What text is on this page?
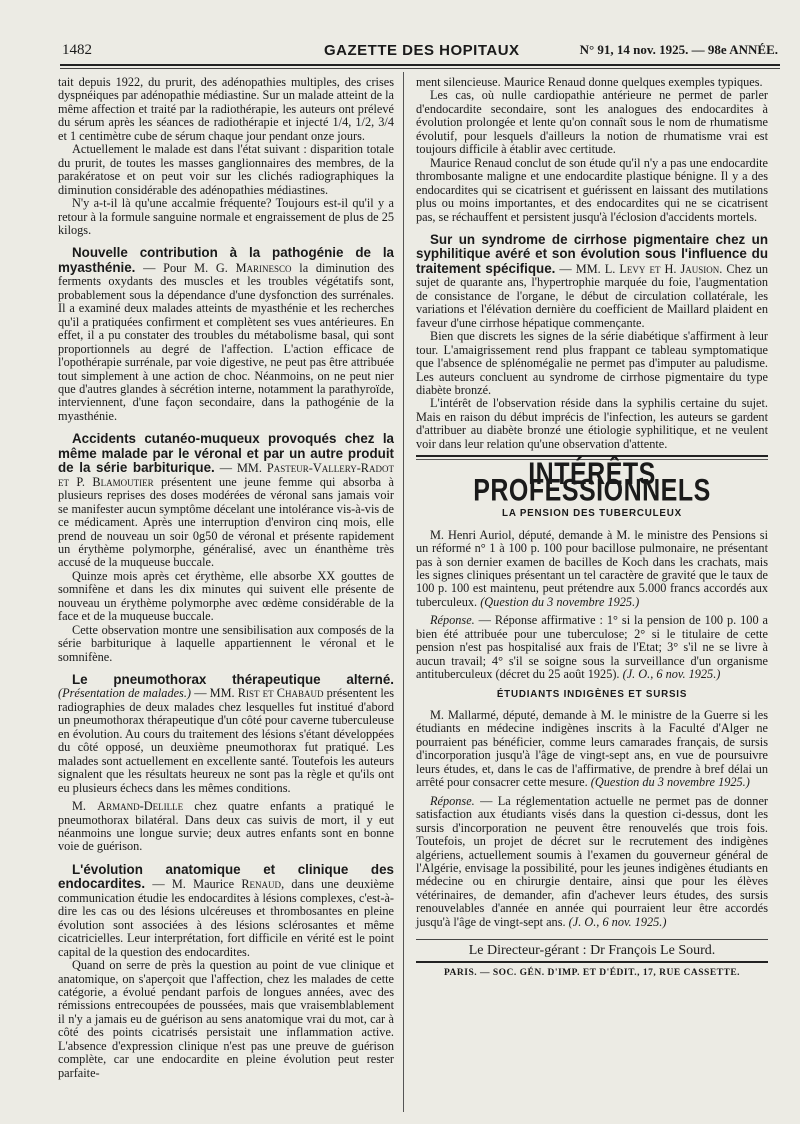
1482	GAZETTE DES HOPITAUX	N° 91, 14 nov. 1925. — 98e ANNÉE.

tait depuis 1922, du prurit, des adénopathies multiples, des crises dyspnéiques par adénopathie médiastine. Sur un malade atteint de la même affection et traité par la radiothérapie, les auteurs ont prélevé du sérum après les séances de radiothérapie et injecté 1/4, 1/2, 3/4 et 1 centimètre cube de sérum chaque jour pendant onze jours.

Actuellement le malade est dans l'état suivant : disparition totale du prurit, de toutes les masses ganglionnaires des membres, de la parakératose et on peut voir sur les clichés radiographiques la diminution considérable des adénopathies médiastines.

N'y a-t-il là qu'une accalmie fréquente? Toujours est-il qu'il y a retour à la formule sanguine normale et engraissement de plus de 25 kilogs.

Nouvelle contribution à la pathogénie de la myasthénie. — Pour M. G. Marinesco la diminution des ferments oxydants des muscles et les troubles végétatifs sont, probablement sous la dépendance d'une dysfonction des surrénales. Il a examiné deux malades atteints de myasthénie et les recherches qu'il a pratiquées confirment et complètent ses vues antérieures. En effet, il a pu constater des troubles du métabolisme basal, qui sont proportionnels au degré de l'affection. L'action efficace de l'opothérapie surrénale, par voie digestive, ne peut pas être attribuée tout simplement à une action de choc. Néanmoins, on ne peut nier que d'autres glandes à sécrétion interne, notamment la parathyroïde, interviennent, d'une façon secondaire, dans la pathogénie de la myasthénie.

Accidents cutanéo-muqueux provoqués chez la même malade par le véronal et par un autre produit de la série barbiturique. — MM. Pasteur-Vallery-Radot et P. Blamoutier présentent une jeune femme qui absorba à plusieurs reprises des doses modérées de véronal sans jamais voir se manifester aucun symptôme décelant une intolérance vis-à-vis de ce médicament. Après une interruption d'environ cinq mois, elle prend de nouveau un soir 0g50 de véronal et présente rapidement un érythème polymorphe, généralisé, avec un énanthème très accusé de la muqueuse buccale.

Quinze mois après cet érythème, elle absorbe XX gouttes de somnifène et dans les dix minutes qui suivent elle présente de nouveau un érythème polymorphe avec œdème considérable de la face et de la muqueuse buccale.

Cette observation montre une sensibilisation aux composés de la série barbiturique à laquelle appartiennent le véronal et le somnifène.

Le pneumothorax thérapeutique alterné. (Présentation de malades.) — MM. Rist et Chabaud présentent les radiographies de deux malades chez lesquelles fut institué d'abord un pneumothorax thérapeutique d'un côté pour caverne tuberculeuse en évolution. Au cours du traitement des lésions s'étant développées du côté opposé, un deuxième pneumothorax fut pratiqué. Les malades sont actuellement en excellente santé. Toutefois les auteurs signalent que les résultats heureux ne sont pas la règle et qu'ils ont eu plusieurs échecs dans les mêmes conditions.

M. Armand-Delille chez quatre enfants a pratiqué le pneumothorax bilatéral. Dans deux cas suivis de mort, il y eut néanmoins une longue survie; deux autres enfants sont en bonne voie de guérison.

L'évolution anatomique et clinique des endocardites. — M. Maurice Renaud, dans une deuxième communication étudie les endocardites à lésions complexes, c'est-à-dire les cas ou des lésions ulcéreuses et thrombosantes en pleine évolution sont associées à des lésions sclérosantes et même cicatricielles. Leur interprétation, fort difficile en vérité est le point capital de la question des endocardites.

Quand on serre de près la question au point de vue clinique et anatomique, on s'aperçoit que l'affection, chez les malades de cette catégorie, a évolué pendant parfois de longues années, avec des rémissions entrecoupées de poussées, mais que vraisemblablement il n'y a jamais eu de guérison au sens anatomique vrai du mot, car à côté des points cicatrisés persistait une inflammation active. L'absence d'expression clinique n'est pas une preuve de guérison complète, car une endocardite en pleine évolution peut rester parfaite-

ment silencieuse. Maurice Renaud donne quelques exemples typiques.

Les cas, où nulle cardiopathie antérieure ne permet de parler d'endocardite secondaire, sont les analogues des endocardites à évolution prolongée et lente qu'on connaît sous le nom de rhumatisme évolutif, pour lesquels d'ailleurs la notion de rhumatisme vrai est toujours difficile à établir avec certitude.

Maurice Renaud conclut de son étude qu'il n'y a pas une endocardite thrombosante maligne et une endocardite plastique bénigne. Il y a des endocardites qui se cicatrisent et guérissent en laissant des mutilations plus ou moins importantes, et des endocardites qui ne se cicatrisent pas, se réchauffent et persistent jusqu'à l'éclosion d'accidents mortels.

Sur un syndrome de cirrhose pigmentaire chez un syphilitique avéré et son évolution sous l'influence du traitement spécifique. — MM. L. Levy et H. Jausion. Chez un sujet de quarante ans, l'hypertrophie marquée du foie, l'augmentation de consistance de l'organe, le début de circulation collatérale, les variations et l'élévation dernière du coefficient de Maillard plaident en faveur d'une cirrhose hépatique commençante.

Bien que discrets les signes de la série diabétique s'affirment à leur tour. L'amaigrissement rend plus frappant ce tableau symptomatique que l'absence de splénomégalie ne permet pas d'imputer au paludisme. Les auteurs concluent au syndrome de cirrhose pigmentaire du type diabète bronzé.

L'intérêt de l'observation réside dans la syphilis certaine du sujet. Mais en raison du début imprécis de l'infection, les auteurs se gardent d'attribuer au diabète bronzé une étiologie syphilitique, et ne veulent voir dans leur relation qu'une observation d'attente.

INTÉRÊTS PROFESSIONNELS
LA PENSION DES TUBERCULEUX

M. Henri Auriol, député, demande à M. le ministre des Pensions si un réformé n° 1 à 100 p. 100 pour bacillose pulmonaire, ne présentant pas à son dernier examen de bacilles de Koch dans les crachats, mais les signes cliniques présentant un tel caractère de gravité que le taux de 100 p. 100 est maintenu, peut prétendre aux 5.000 francs accordés aux tuberculeux. (Question du 3 novembre 1925.)

Réponse. — Réponse affirmative : 1° si la pension de 100 p. 100 a bien été attribuée pour une tuberculose; 2° si le titulaire de cette pension n'est pas hospitalisé aux frais de l'Etat; 3° s'il ne se livre à aucun travail; 4° s'il se soigne sous la surveillance d'un organisme antituberculeux (décret du 25 août 1925). (J. O., 6 nov. 1925.)

ÉTUDIANTS INDIGÈNES ET SURSIS

M. Mallarmé, député, demande à M. le ministre de la Guerre si les étudiants en médecine indigènes inscrits à la Faculté d'Alger ne pourraient pas bénéficier, comme leurs camarades français, de sursis d'incorporation jusqu'à l'âge de vingt-sept ans, en vue de poursuivre leurs études, et, dans le cas de l'affirmative, de prendre à bref délai un arrêté pour consacrer cette mesure. (Question du 3 novembre 1925.)

Réponse. — La réglementation actuelle ne permet pas de donner satisfaction aux étudiants visés dans la question ci-dessus, dont les sursis d'incorporation ne peuvent être renouvelés que trois fois. Toutefois, un projet de décret sur le recrutement des indigènes algériens, actuellement soumis à l'examen du gouverneur général de l'Algérie, envisage la possibilité, pour les jeunes indigènes étudiants en médecine ou en chirurgie dentaire, ainsi que pour les élèves vétérinaires, de demander, afin d'achever leurs études, des sursis renouvelables d'année en année qui pourraient leur être accordés jusqu'à l'âge de vingt-sept ans. (J. O., 6 nov. 1925.)

Le Directeur-gérant : Dr François Le Sourd.
PARIS. — SOC. GÉN. D'IMP. ET D'ÉDIT., 17, RUE CASSETTE.
